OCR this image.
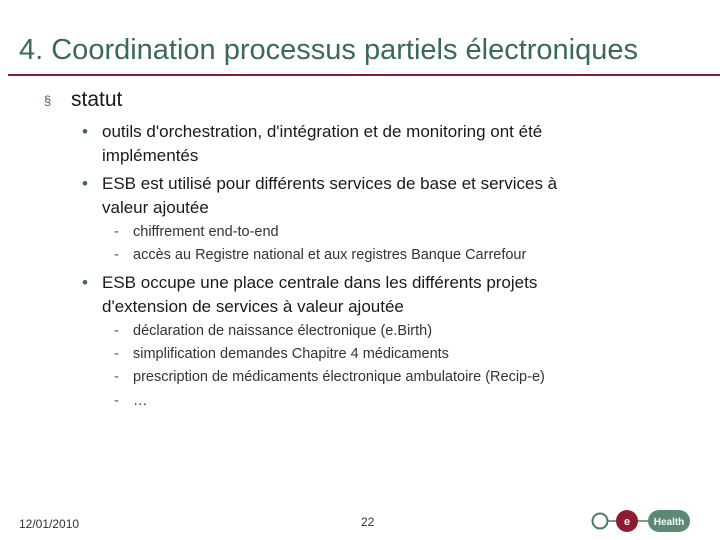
4. Coordination processus partiels électroniques
§ statut
• outils d'orchestration, d'intégration et de monitoring ont été
implémentés
• ESB est utilisé pour différents services de base et services à
valeur ajoutée
- chiffrement end-to-end
- accès au Registre national et aux registres Banque Carrefour
• ESB occupe une place centrale dans les différents projets
d'extension de services à valeur ajoutée
- déclaration de naissance électronique (e.Birth)
- simplification demandes Chapitre 4 médicaments
- prescription de médicaments électronique ambulatoire (Recip-e)
- …
12/01/2010	22	e Health
